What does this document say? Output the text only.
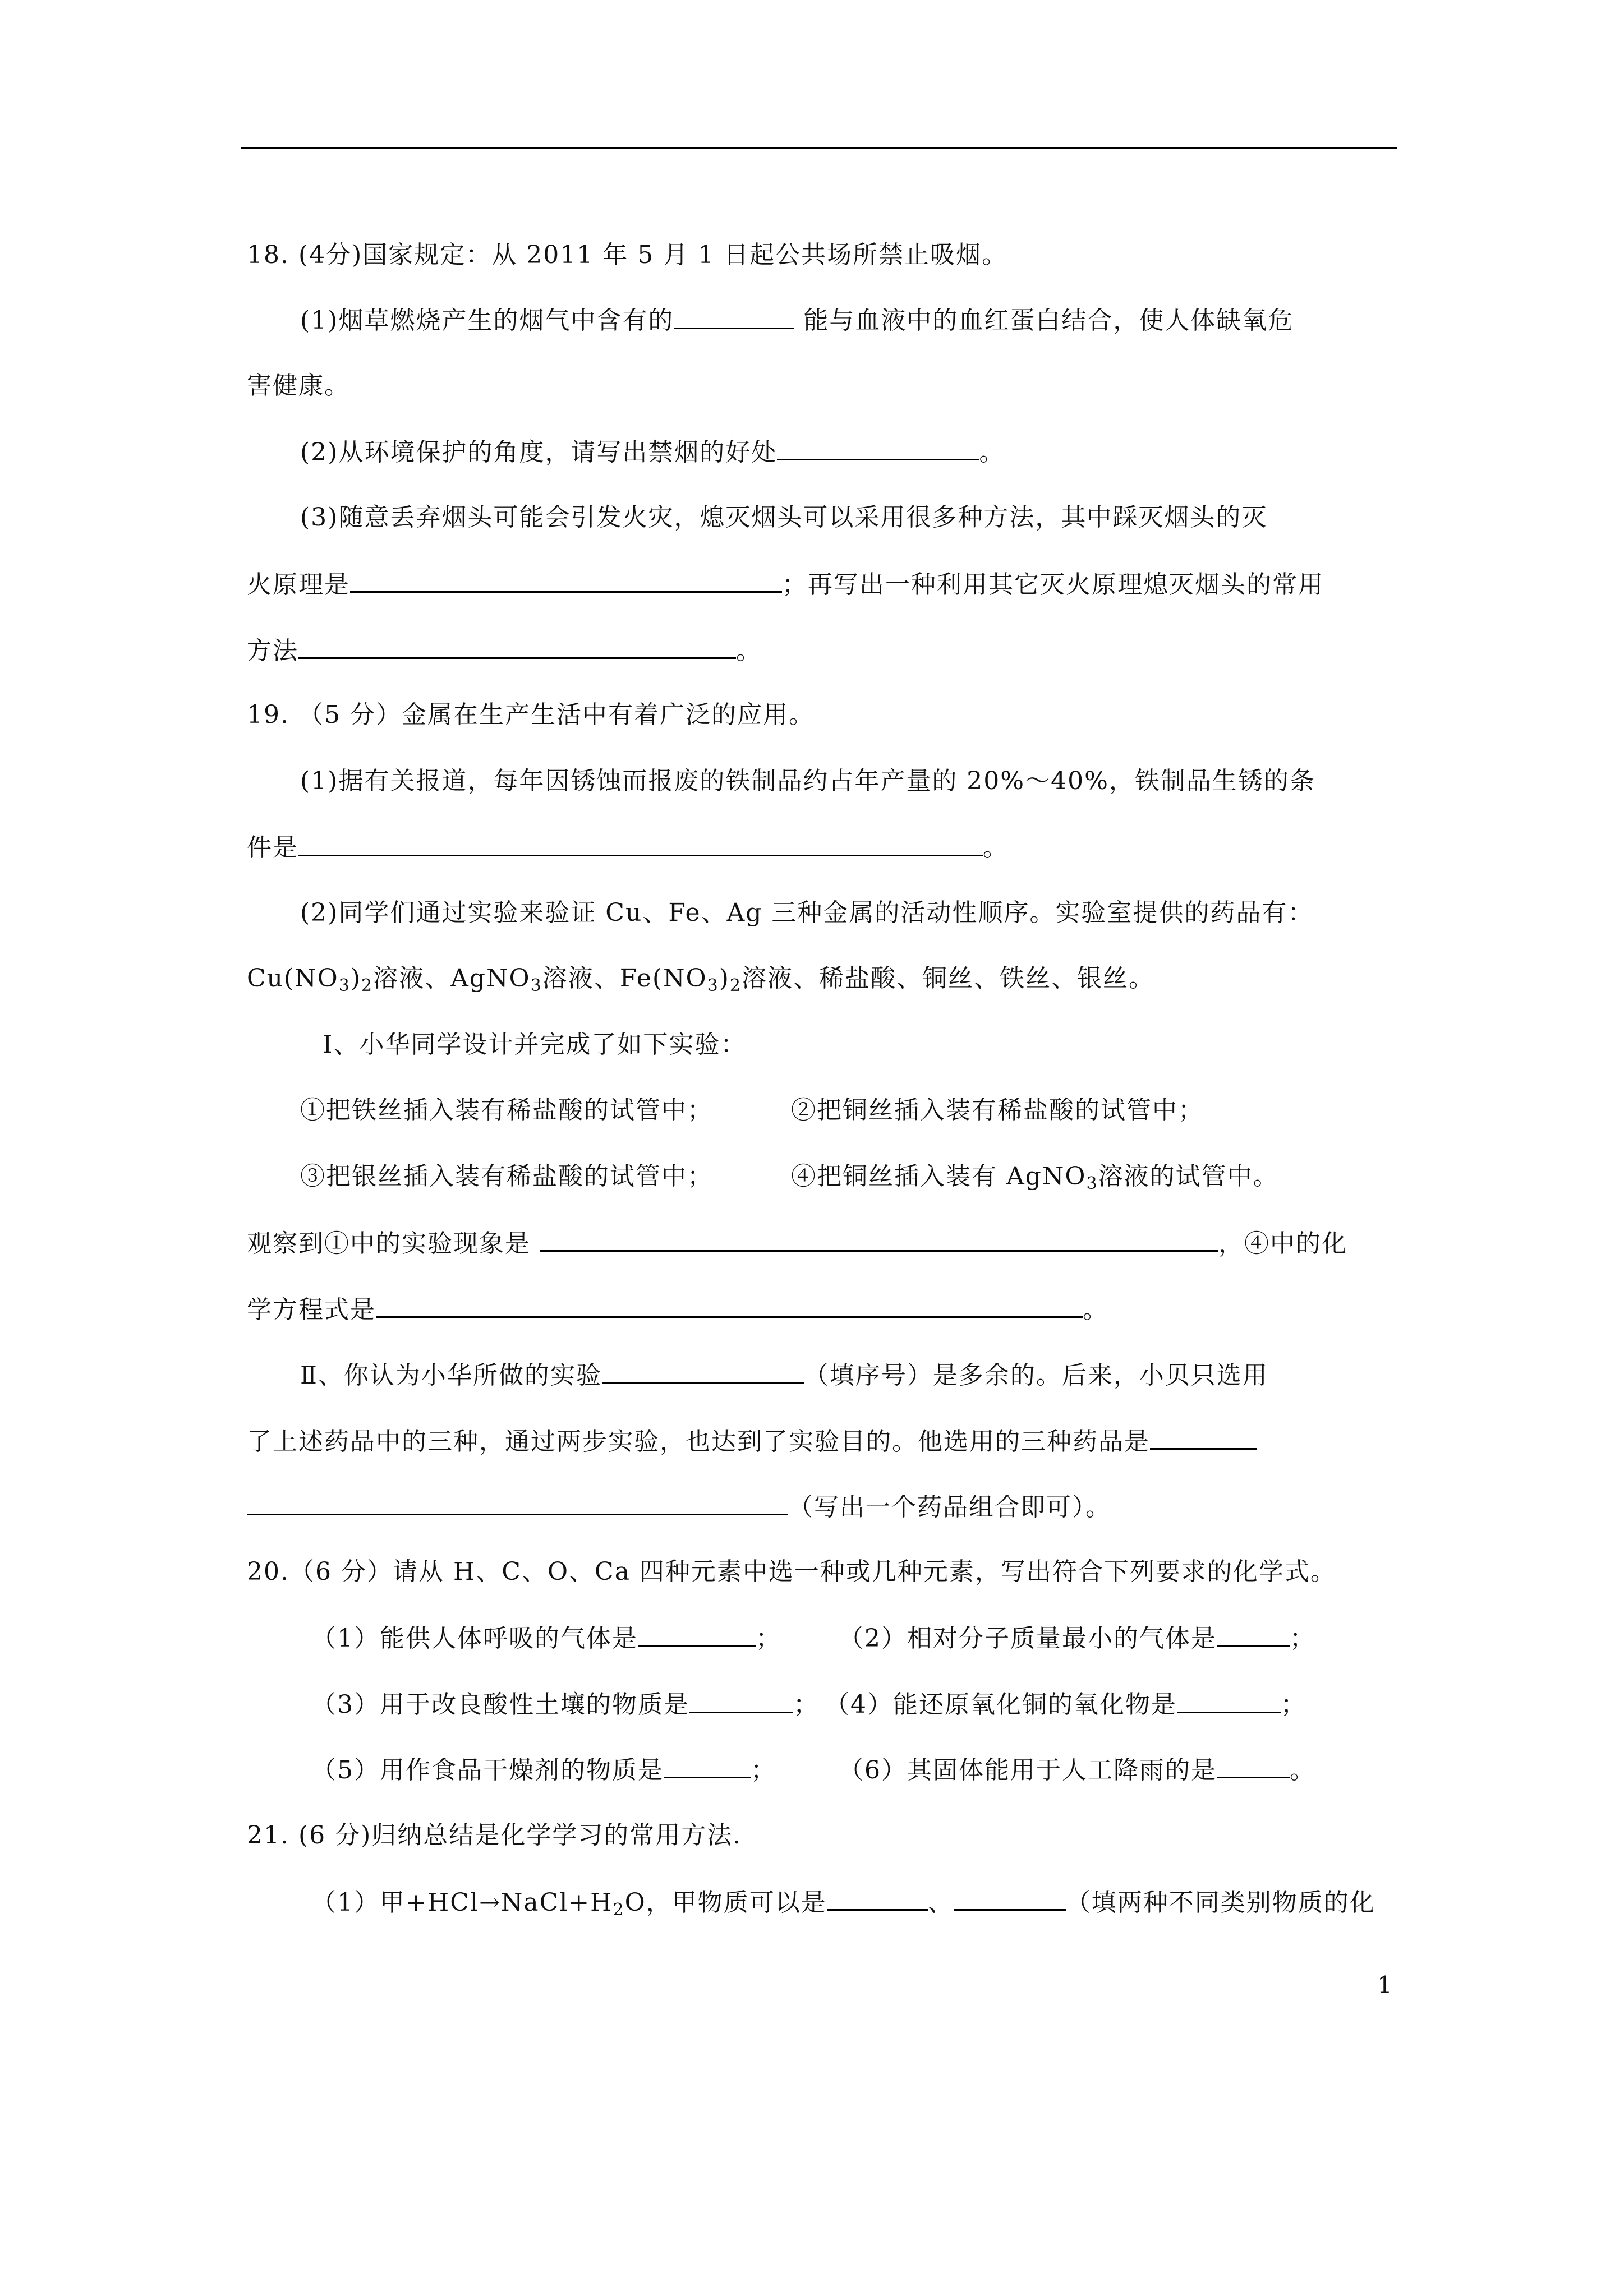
18. (4分)国家规定：从 2011 年 5 月 1 日起公共场所禁止吸烟。
(1)烟草燃烧产生的烟气中含有的	能与血液中的血红蛋白结合，使人体缺氧危
害健康。
(2)从环境保护的角度，请写出禁烟的好处	。
(3)随意丢弃烟头可能会引发火灾，熄灭烟头可以采用很多种方法，其中踩灭烟头的灭
火原理是	；再写出一种利用其它灭火原理熄灭烟头的常用
方法	。
19. （5 分）金属在生产生活中有着广泛的应用。
(1)据有关报道，每年因锈蚀而报废的铁制品约占年产量的 20%～40%，铁制品生锈的条
件是	。
(2)同学们通过实验来验证 Cu、Fe、Ag 三种金属的活动性顺序。实验室提供的药品有：
$Cu(NO_3)_2$溶液、AgNO$_3$溶液、$Fe(NO_3)_2$溶液、稀盐酸、铜丝、铁丝、银丝。
Ⅰ、小华同学设计并完成了如下实验：
①把铁丝插入装有稀盐酸的试管中；	②把铜丝插入装有稀盐酸的试管中；
③把银丝插入装有稀盐酸的试管中；	④把铜丝插入装有 AgNO$_3$溶液的试管中。
观察到①中的实验现象是	，④中的化
学方程式是	。
Ⅱ、你认为小华所做的实验	（填序号）是多余的。后来，小贝只选用
了上述药品中的三种，通过两步实验，也达到了实验目的。他选用的三种药品是
（写出一个药品组合即可）。
20.（6 分）请从 H、C、O、Ca 四种元素中选一种或几种元素，写出符合下列要求的化学式。
（1）能供人体呼吸的气体是	； （2）相对分子质量最小的气体是	；
（3）用于改良酸性土壤的物质是	； （4）能还原氧化铜的氧化物是	；
（5）用作食品干燥剂的物质是	；	（6）其固体能用于人工降雨的是	。
21. (6 分)归纳总结是化学学习的常用方法.
（1）甲$+HCl\to NaCl+H_2O$，甲物质可以是	、	（填两种不同类别物质的化
1
